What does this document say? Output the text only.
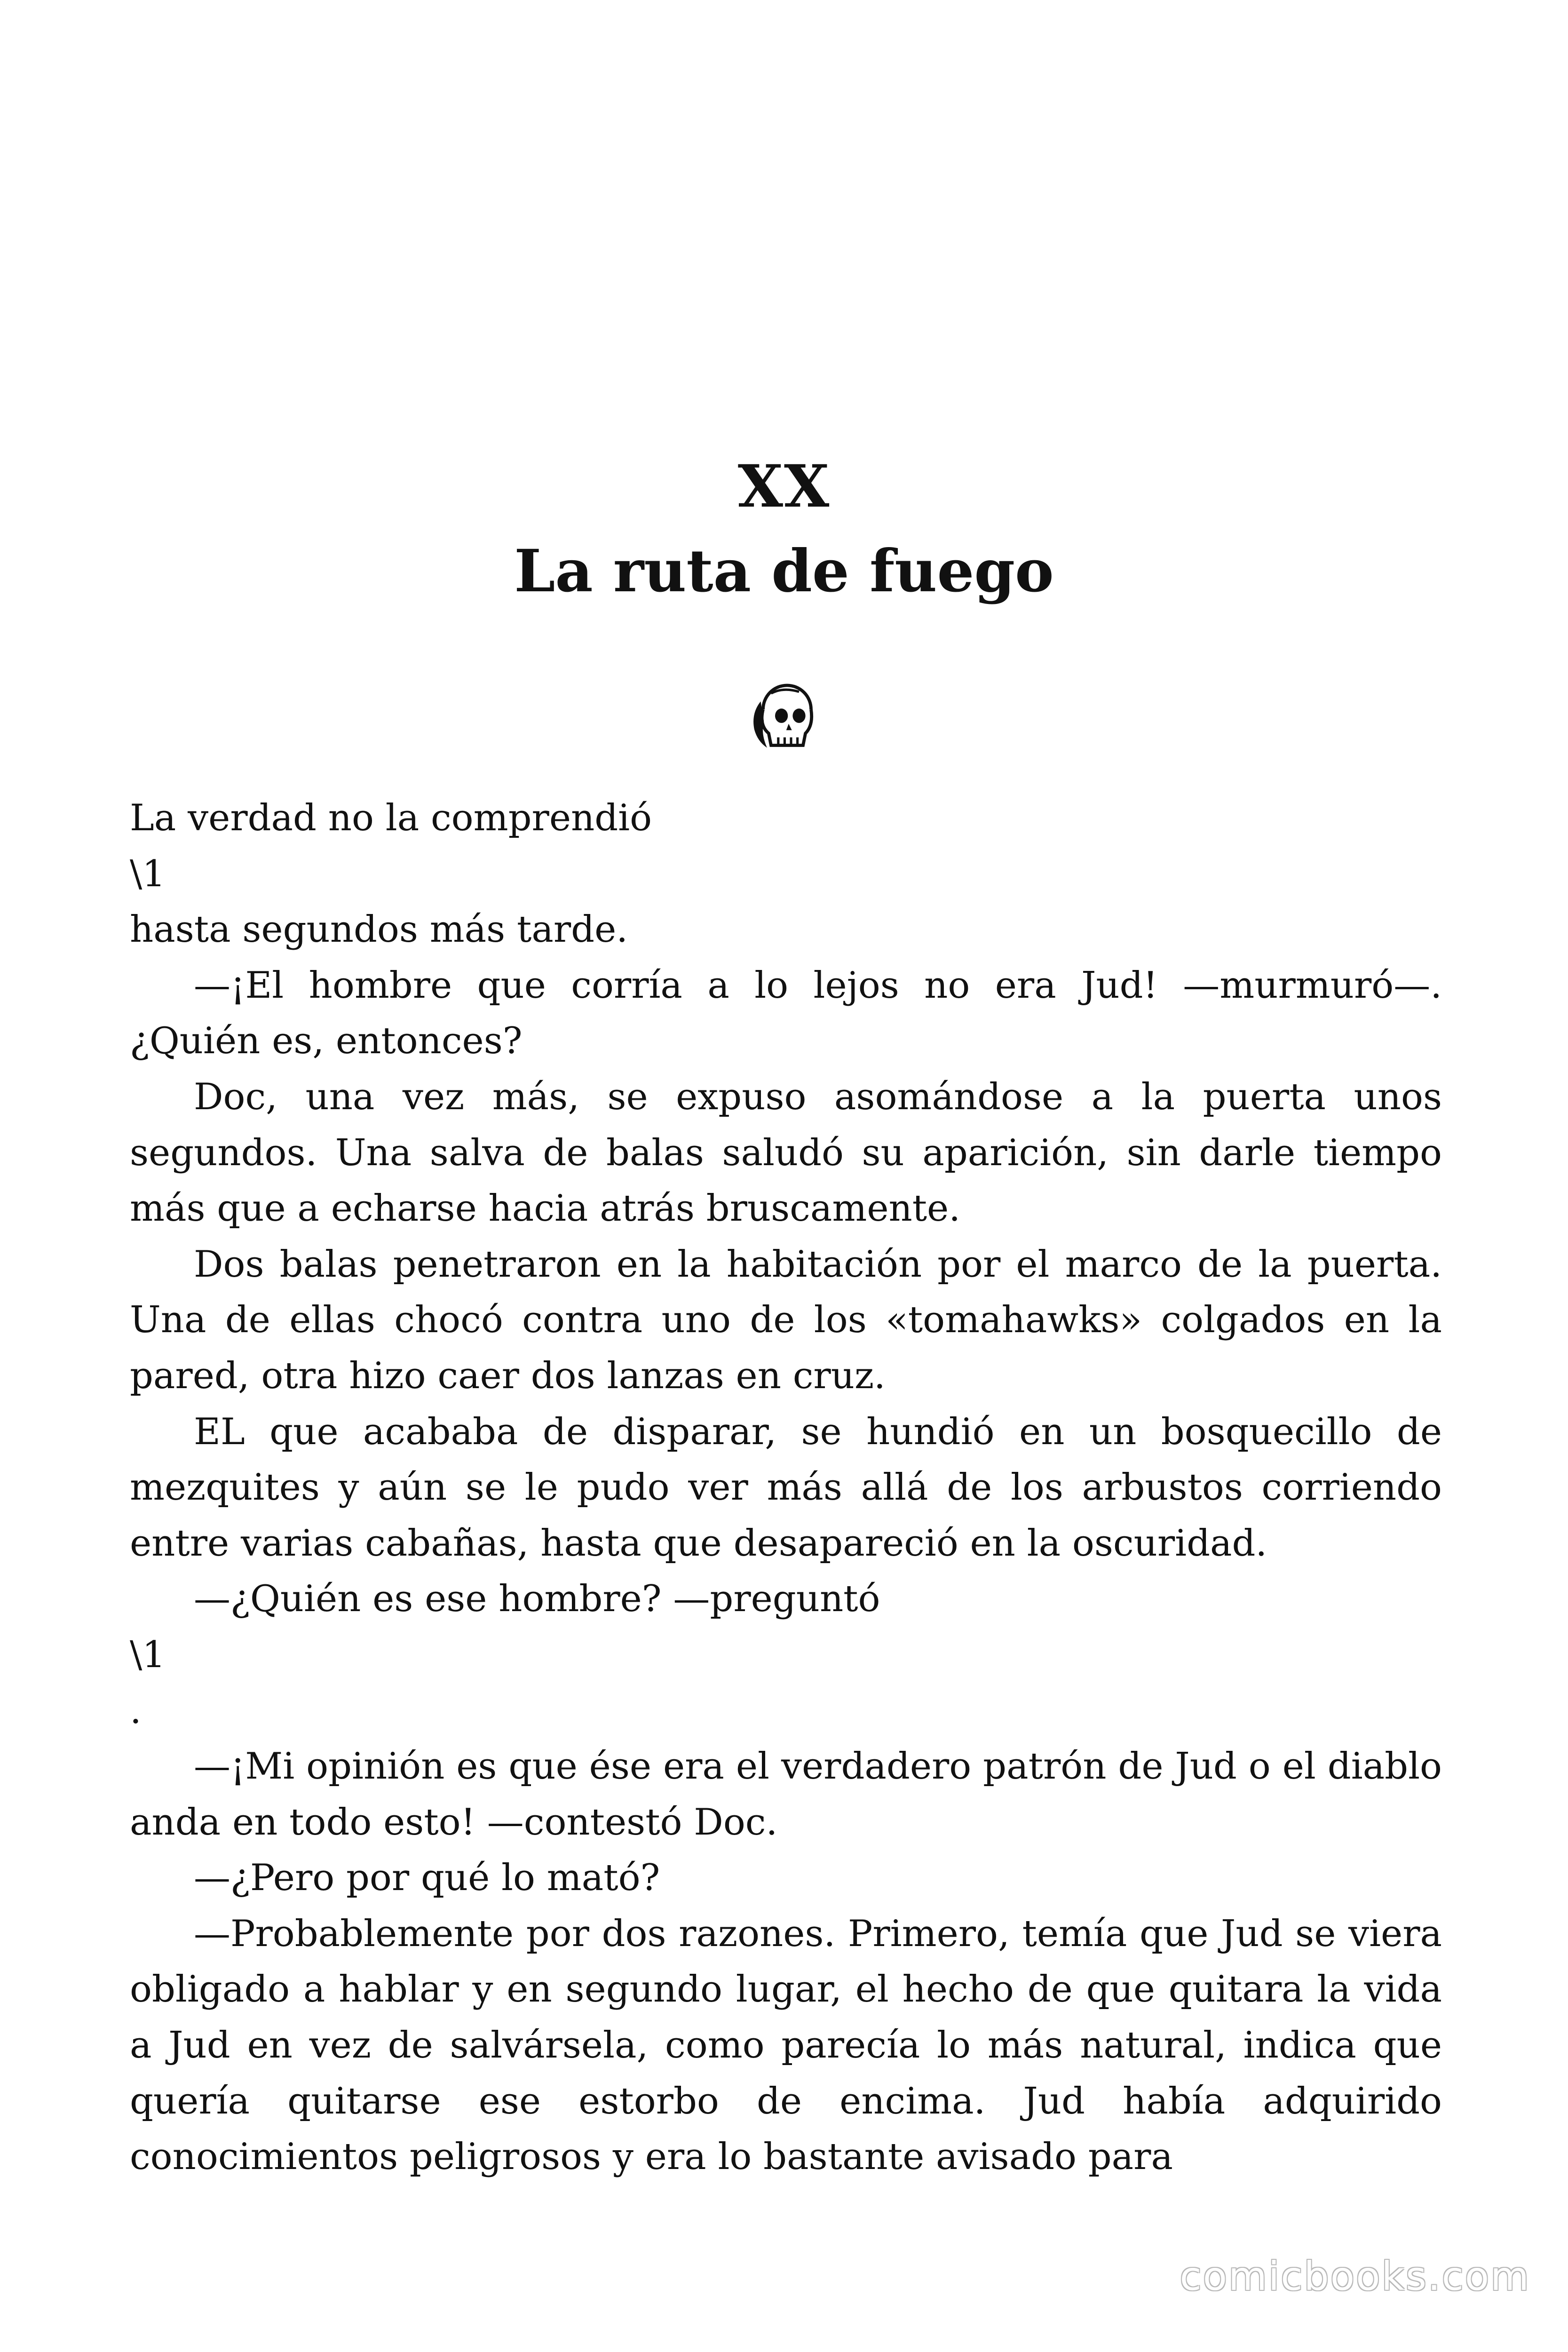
XX
La ruta de fuego

La verdad no la comprendió

\1

hasta segundos más tarde.

—¡El hombre que corría a lo lejos no era Jud! —murmuró—. ¿Quién es, entonces?

Doc, una vez más, se expuso asomándose a la puerta unos segundos. Una salva de balas saludó su aparición, sin darle tiempo más que a echarse hacia atrás bruscamente.

Dos balas penetraron en la habitación por el marco de la puerta. Una de ellas chocó contra uno de los «tomahawks» colgados en la pared, otra hizo caer dos lanzas en cruz.

EL que acababa de disparar, se hundió en un bosquecillo de mezquites y aún se le pudo ver más allá de los arbustos corriendo entre varias cabañas, hasta que desapareció en la oscuridad.

—¿Quién es ese hombre? —preguntó

\1

.

—¡Mi opinión es que ése era el verdadero patrón de Jud o el diablo anda en todo esto! —contestó Doc.

—¿Pero por qué lo mató?

—Probablemente por dos razones. Primero, temía que Jud se viera obligado a hablar y en segundo lugar, el hecho de que quitara la vida a Jud en vez de salvársela, como parecía lo más natural, indica que quería quitarse ese estorbo de encima. Jud había adquirido conocimientos peligrosos y era lo bastante avisado para

comicbooks.com
